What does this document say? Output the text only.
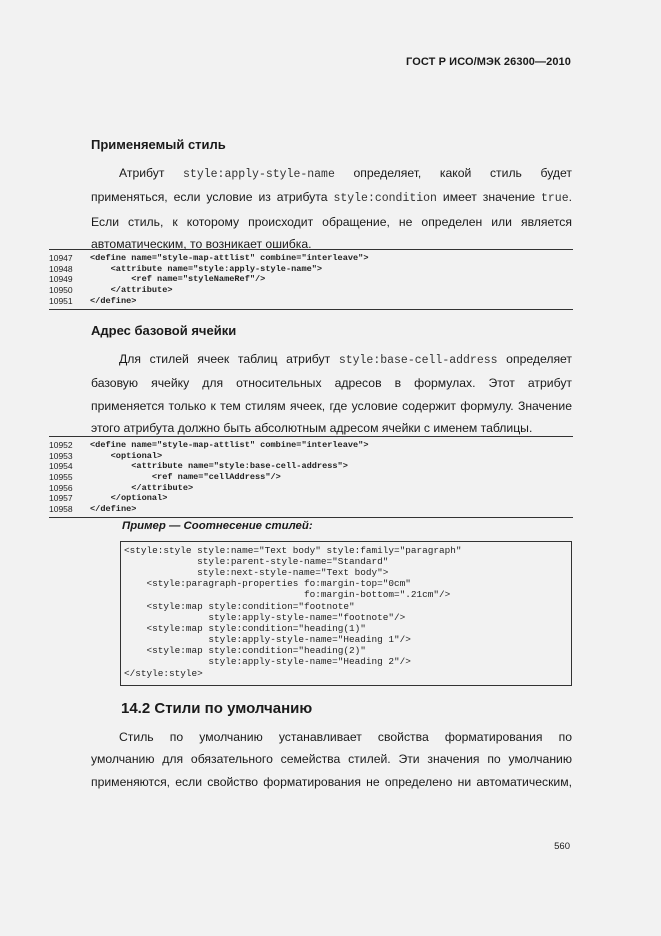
ГОСТ Р ИСО/МЭК 26300—2010
Применяемый стиль
Атрибут style:apply-style-name определяет, какой стиль будет
применяться, если условие из атрибута style:condition имеет значение true.
Если стиль, к которому происходит обращение, не определен или является
автоматическим, то возникает ошибка.
10947	<define name="style-map-attlist" combine="interleave">
10948	<attribute name="style:apply-style-name">
10949	<ref name="styleNameRef"/>
10950	</attribute>
10951	</define>
Адрес базовой ячейки
Для стилей ячеек таблиц атрибут style:base-cell-address определяет
базовую ячейку для относительных адресов в формулах. Этот атрибут
применяется только к тем стилям ячеек, где условие содержит формулу. Значение
этого атрибута должно быть абсолютным адресом ячейки с именем таблицы.
10952	<define name="style-map-attlist" combine="interleave">
10953	<optional>
10954	<attribute name="style:base-cell-address">
10955	<ref name="cellAddress"/>
10956	</attribute>
10957	</optional>
10958	</define>
Пример — Соотнесение стилей:
<style:style style:name="Text body" style:family="paragraph"
style:parent-style-name="Standard"
style:next-style-name="Text body">
<style:paragraph-properties fo:margin-top="0cm"
fo:margin-bottom=".21cm"/>
<style:map style:condition="footnote"
style:apply-style-name="footnote"/>
<style:map style:condition="heading(1)"
style:apply-style-name="Heading 1"/>
<style:map style:condition="heading(2)"
style:apply-style-name="Heading 2"/>
</style:style>
14.2 Стили по умолчанию
Стиль по умолчанию устанавливает свойства форматирования по
умолчанию для обязательного семейства стилей. Эти значения по умолчанию
применяются, если свойство форматирования не определено ни автоматическим,
560
